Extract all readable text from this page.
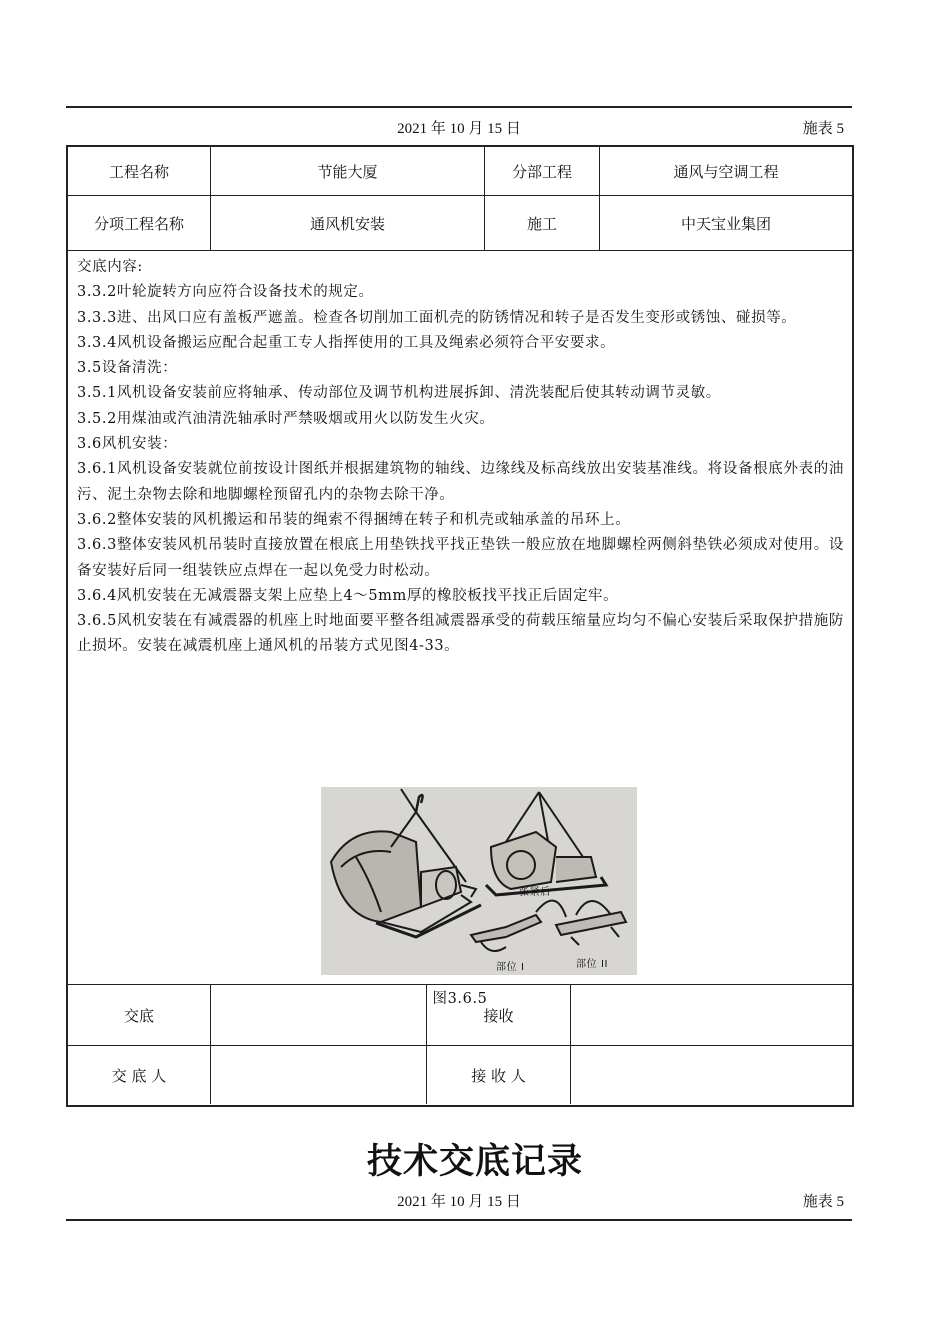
2021 年 10 月 15 日	施表 5
工程名称	节能大厦	分部工程	通风与空调工程
分项工程名称	通风机安装	施工	中天宝业集团

交底内容:

3.3.2叶轮旋转方向应符合设备技术的规定。

3.3.3进、出风口应有盖板严遮盖。检查各切削加工面机壳的防锈情况和转子是否发生变形或锈蚀、碰损等。

3.3.4风机设备搬运应配合起重工专人指挥使用的工具及绳索必须符合平安要求。

3.5设备清洗：

3.5.1风机设备安装前应将轴承、传动部位及调节机构进展拆卸、清洗装配后使其转动调节灵敏。

3.5.2用煤油或汽油清洗轴承时严禁吸烟或用火以防发生火灾。

3.6风机安装：

3.6.1风机设备安装就位前按设计图纸并根据建筑物的轴线、边缘线及标高线放出安装基准线。将设备根底外表的油污、泥土杂物去除和地脚螺栓预留孔内的杂物去除干净。

3.6.2整体安装的风机搬运和吊装的绳索不得捆缚在转子和机壳或轴承盖的吊环上。

3.6.3整体安装风机吊装时直接放置在根底上用垫铁找平找正垫铁一般应放在地脚螺栓两侧斜垫铁必须成对使用。设备安装好后同一组装铁应点焊在一起以免受力时松动。

3.6.4风机安装在无减震器支架上应垫上4～5mm厚的橡胶板找平找正后固定牢。

3.6.5风机安装在有减震器的机座上时地面要平整各组减震器承受的荷载压缩量应均匀不偏心安装后采取保护措施防止损坏。安装在减震机座上通风机的吊装方式见图4-33。

张紧后
部位 I	部位 II
图3.6.5
交底	接收
交 底 人	接 收 人
技术交底记录
2021 年 10 月 15 日	施表 5
